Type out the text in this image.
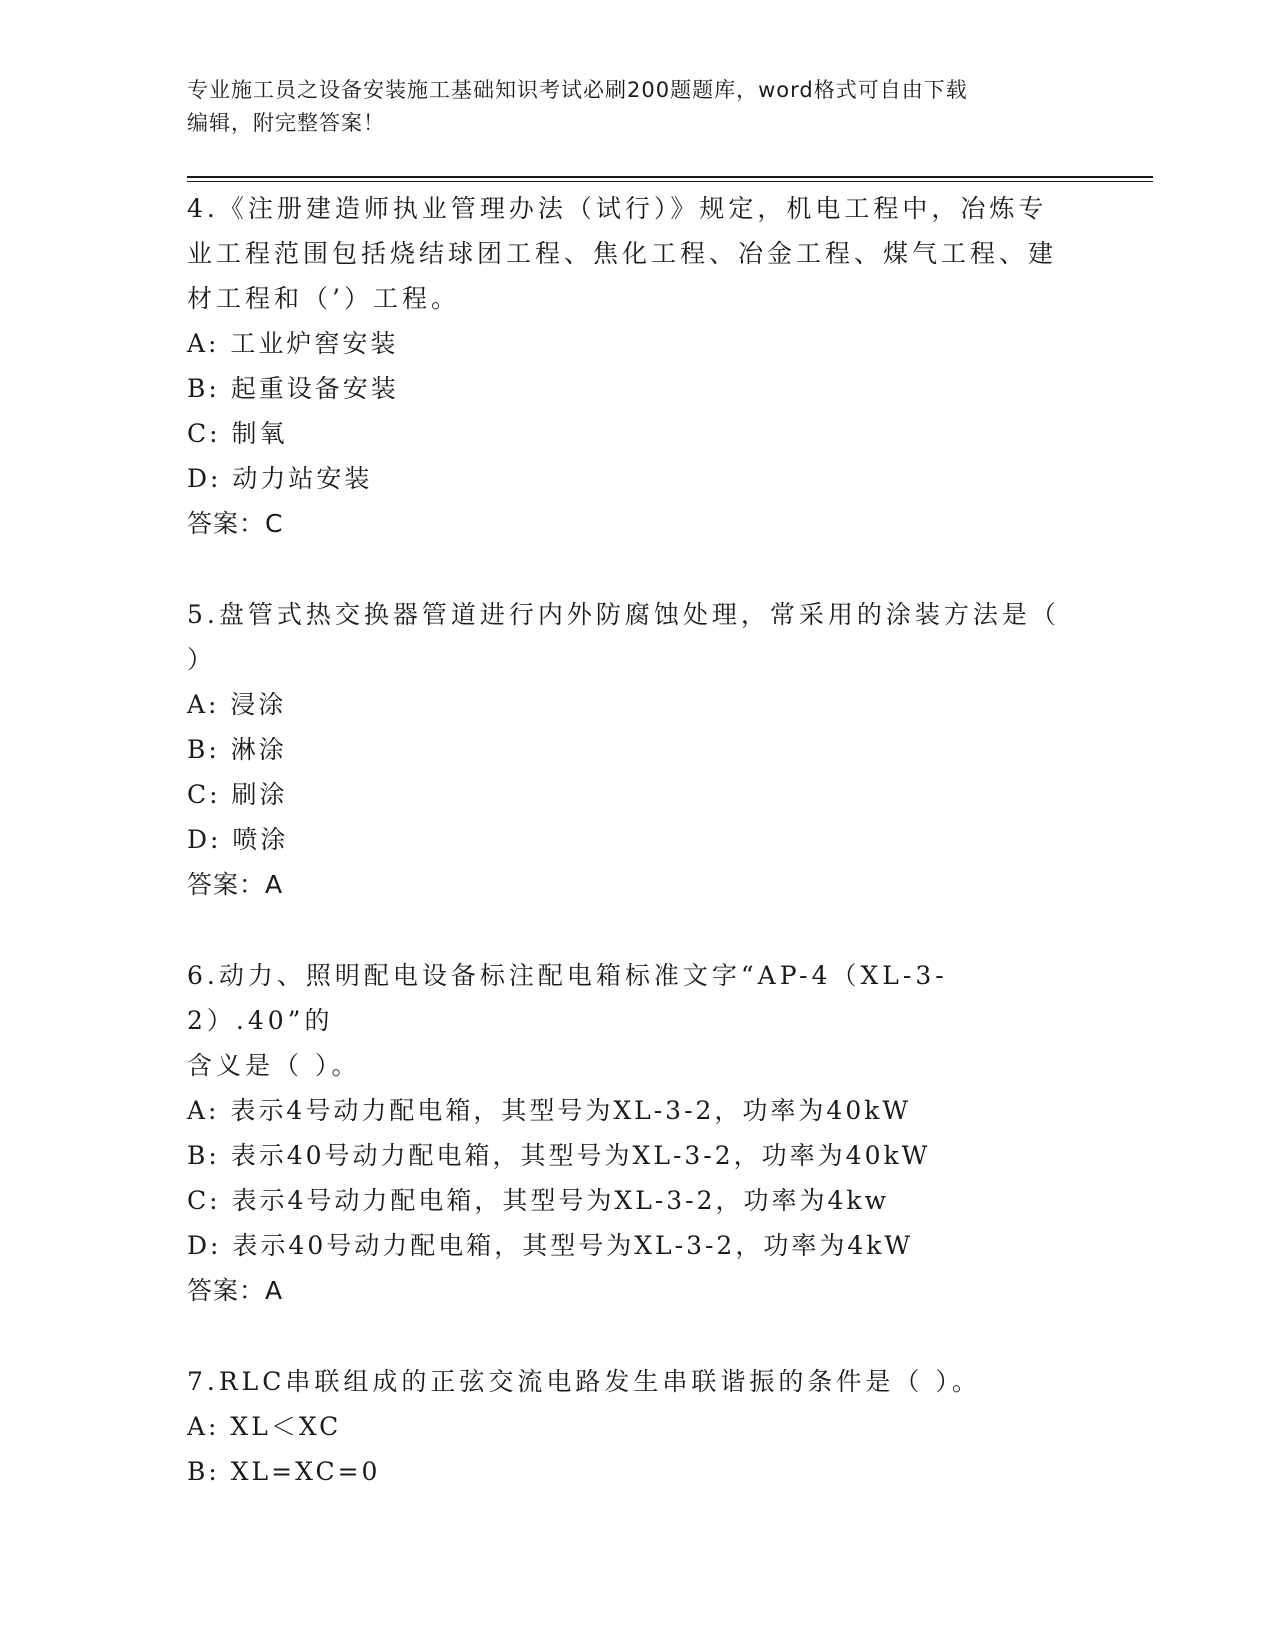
专业施工员之设备安装施工基础知识考试必刷200题题库，word格式可自由下载
编辑，附完整答案！
4.《注册建造师执业管理办法（试行）》规定，机电工程中，冶炼专
业工程范围包括烧结球团工程、焦化工程、冶金工程、煤气工程、建
材工程和（’）工程。
A: 工业炉窖安装
B: 起重设备安装
C: 制氧
D: 动力站安装
答案：C
5.盘管式热交换器管道进行内外防腐蚀处理，常采用的涂装方法是（
）
A: 浸涂
B: 淋涂
C: 刷涂
D: 喷涂
答案：A
6.动力、照明配电设备标注配电箱标准文字“AP-4（XL-3-2）.40”的
含义是（ ）。
A: 表示4号动力配电箱，其型号为XL-3-2，功率为40kW
B: 表示40号动力配电箱，其型号为XL-3-2，功率为40kW
C: 表示4号动力配电箱，其型号为XL-3-2，功率为4kw
D: 表示40号动力配电箱，其型号为XL-3-2，功率为4kW
答案：A
7.RLC串联组成的正弦交流电路发生串联谐振的条件是（ ）。
A: XL＜XC
B: XL=XC=0
